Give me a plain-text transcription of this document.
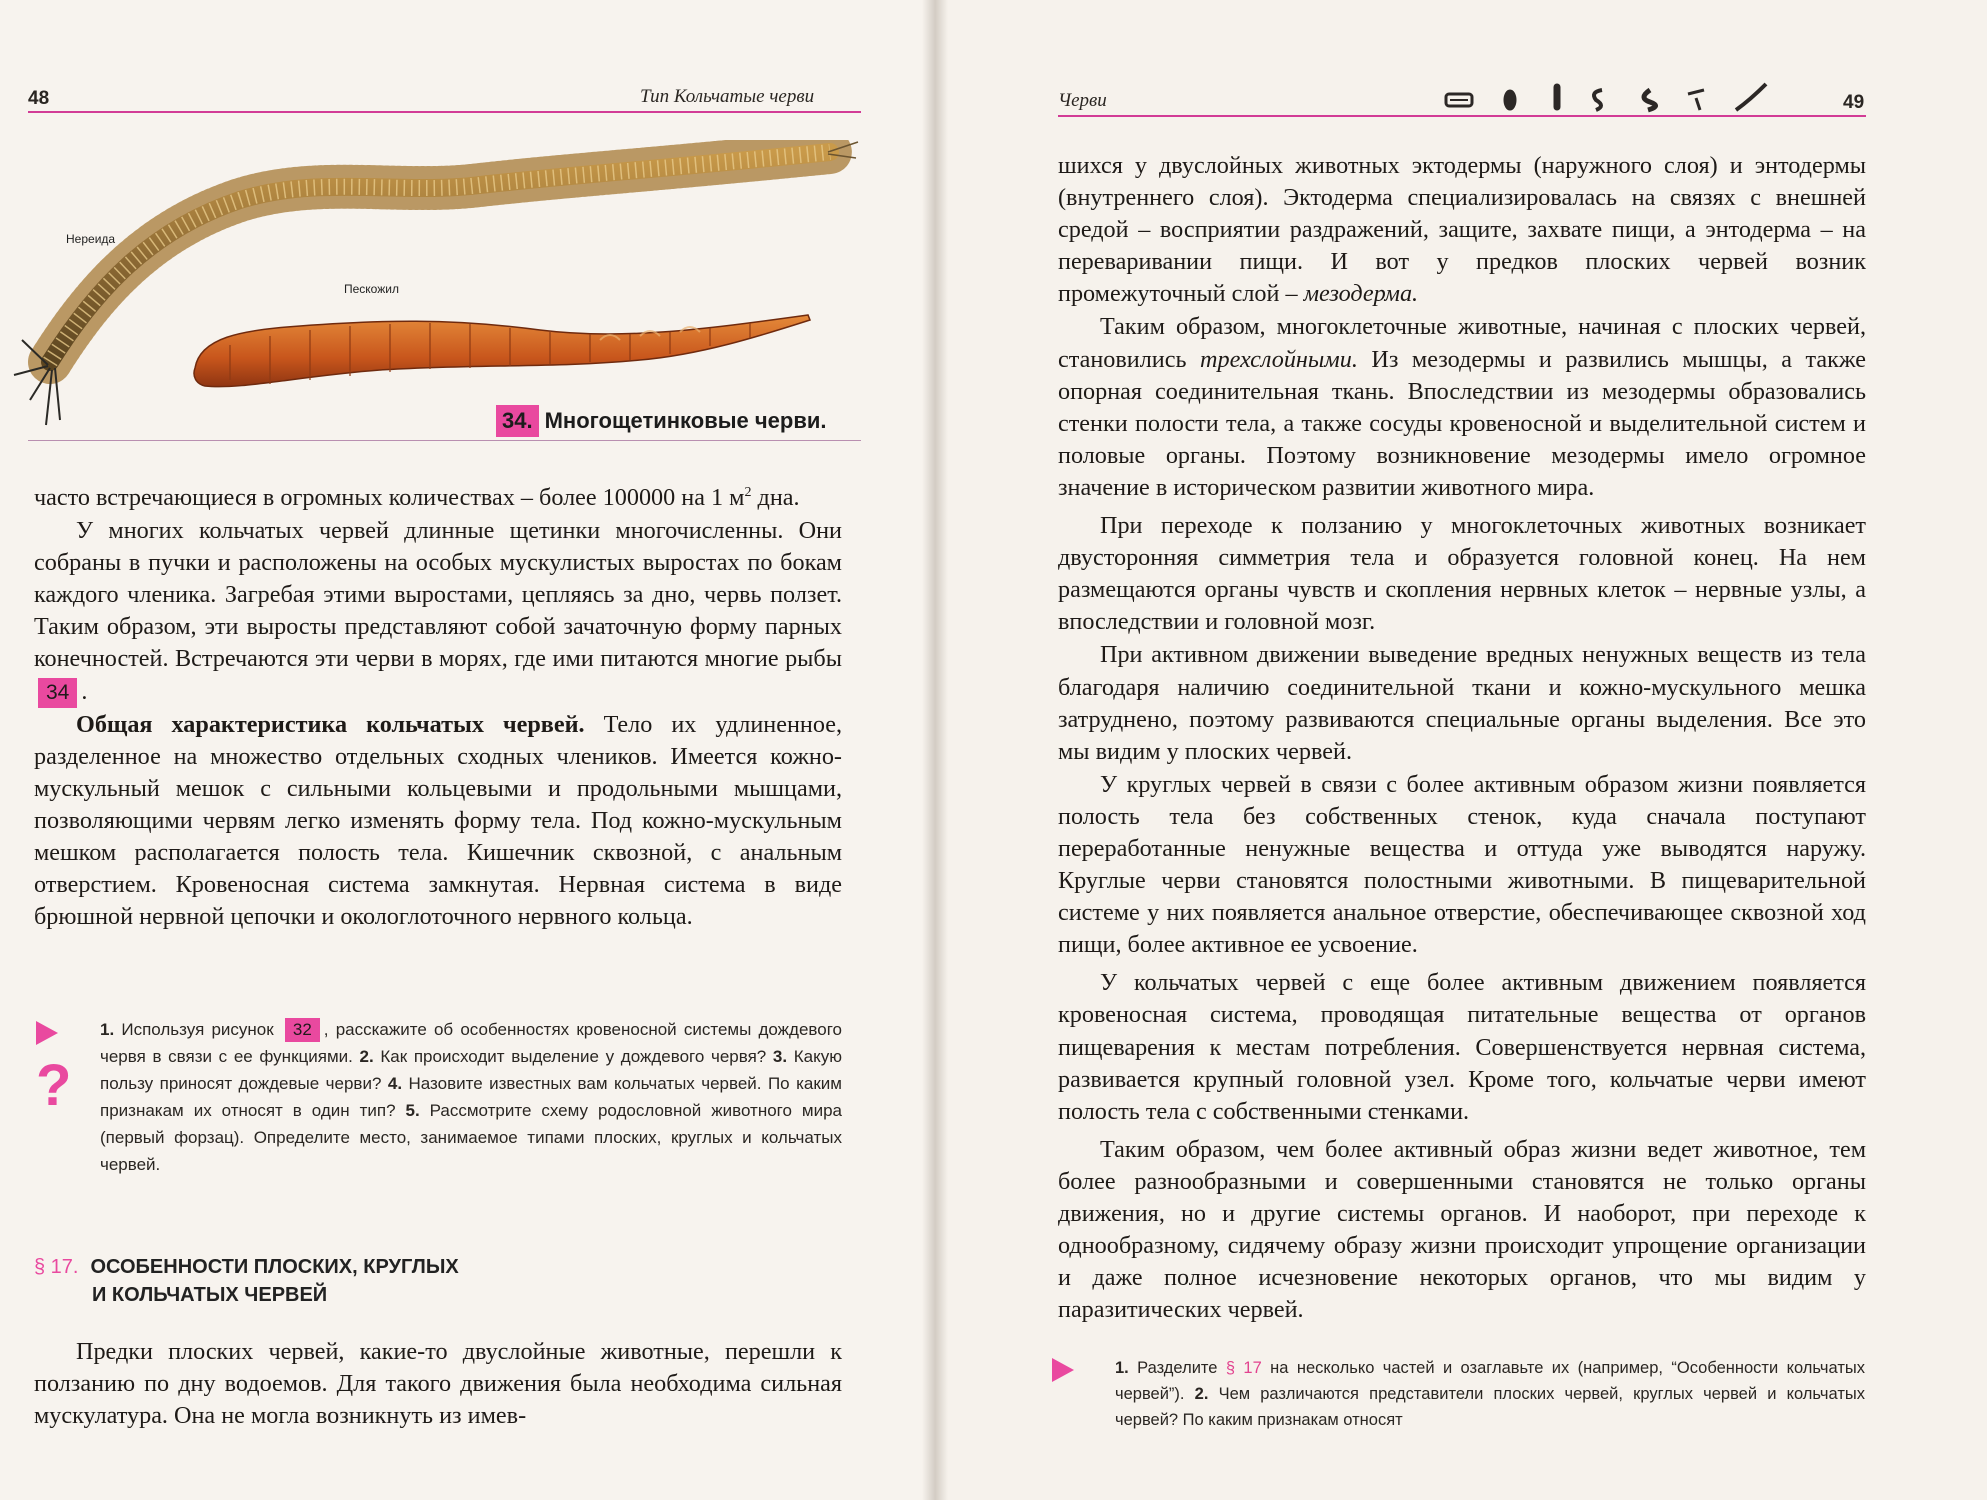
48	Тип Кольчатые черви
Нереида
Пескожил
34. Многощетинковые черви .

часто встречающиеся в огромных количествах – более 100000 на 1 $м^2$ дна.

У многих кольчатых червей длинные щетинки многочисленны. Они собраны в пучки и расположены на особых мускулистых выростах по бокам каждого членика. Загребая этими выростами, цепляясь за дно, червь ползет. Таким образом, эти выросты представляют собой зачаточную форму парных конечностей. Встречаются эти черви в морях, где ими питаются многие рыбы 34 .

Общая характеристика кольчатых червей. Тело их удлиненное, разделенное на множество отдельных сходных члеников. Имеется кожно-мускульный мешок с сильными кольцевыми и продольными мышцами, позволяющими червям легко изменять форму тела. Под кожно-мускульным мешком располагается полость тела. Кишечник сквозной, с анальным отверстием. Кровеносная система замкнутая. Нервная система в виде брюшной нервной цепочки и окологлоточного нервного кольца.

?
1. Используя рисунок 32 , расскажите об особенностях кровеносной системы дождевого червя в связи с ее функциями. 2. Как происходит выделение у дождевого червя? 3. Какую пользу приносят дождевые черви? 4. Назовите известных вам кольчатых червей. По каким признакам их относят в один тип? 5. Рассмотрите схему родословной животного мира (первый форзац). Определите место, занимаемое типами плоских, круглых и кольчатых червей.
§ 17. ОСОБЕННОСТИ ПЛОСКИХ, КРУГЛЫХ
И КОЛЬЧАТЫХ ЧЕРВЕЙ

Предки плоских червей, какие-то двуслойные животные, перешли к ползанию по дну водоемов. Для такого движения была необходима сильная мускулатура. Она не могла возникнуть из имев-

Черви	49

шихся у двуслойных животных эктодермы (наружного слоя) и энтодермы (внутреннего слоя). Эктодерма специализировалась на связях с внешней средой – восприятии раздражений, защите, захвате пищи, а энтодерма – на переваривании пищи. И вот у предков плоских червей возник промежуточный слой – мезодерма.

Таким образом, многоклеточные животные, начиная с плоских червей, становились трехслойными. Из мезодермы и развились мышцы, а также опорная соединительная ткань. Впоследствии из мезодермы образовались стенки полости тела, а также сосуды кровеносной и выделительной систем и половые органы. Поэтому возникновение мезодермы имело огромное значение в историческом развитии животного мира.

При переходе к ползанию у многоклеточных животных возникает двусторонняя симметрия тела и образуется головной конец. На нем размещаются органы чувств и скопления нервных клеток – нервные узлы, а впоследствии и головной мозг.

При активном движении выведение вредных ненужных веществ из тела благодаря наличию соединительной ткани и кожно-мускульного мешка затруднено, поэтому развиваются специальные органы выделения. Все это мы видим у плоских червей.

У круглых червей в связи с более активным образом жизни появляется полость тела без собственных стенок, куда сначала поступают переработанные ненужные вещества и оттуда уже выводятся наружу. Круглые черви становятся полостными животными. В пищеварительной системе у них появляется анальное отверстие, обеспечивающее сквозной ход пищи, более активное ее усвоение.

У кольчатых червей с еще более активным движением появляется кровеносная система, проводящая питательные вещества от органов пищеварения к местам потребления. Совершенствуется нервная система, развивается крупный головной узел. Кроме того, кольчатые черви имеют полость тела с собственными стенками.

Таким образом, чем более активный образ жизни ведет животное, тем более разнообразными и совершенными становятся не только органы движения, но и другие системы органов. И наоборот, при переходе к однообразному, сидячему образу жизни происходит упрощение организации и даже полное исчезновение некоторых органов, что мы видим у паразитических червей.

1. Разделите § 17 на несколько частей и озаглавьте их (например, “Особенности кольчатых червей”). 2. Чем различаются представители плоских червей, круглых червей и кольчатых червей? По каким признакам относят
